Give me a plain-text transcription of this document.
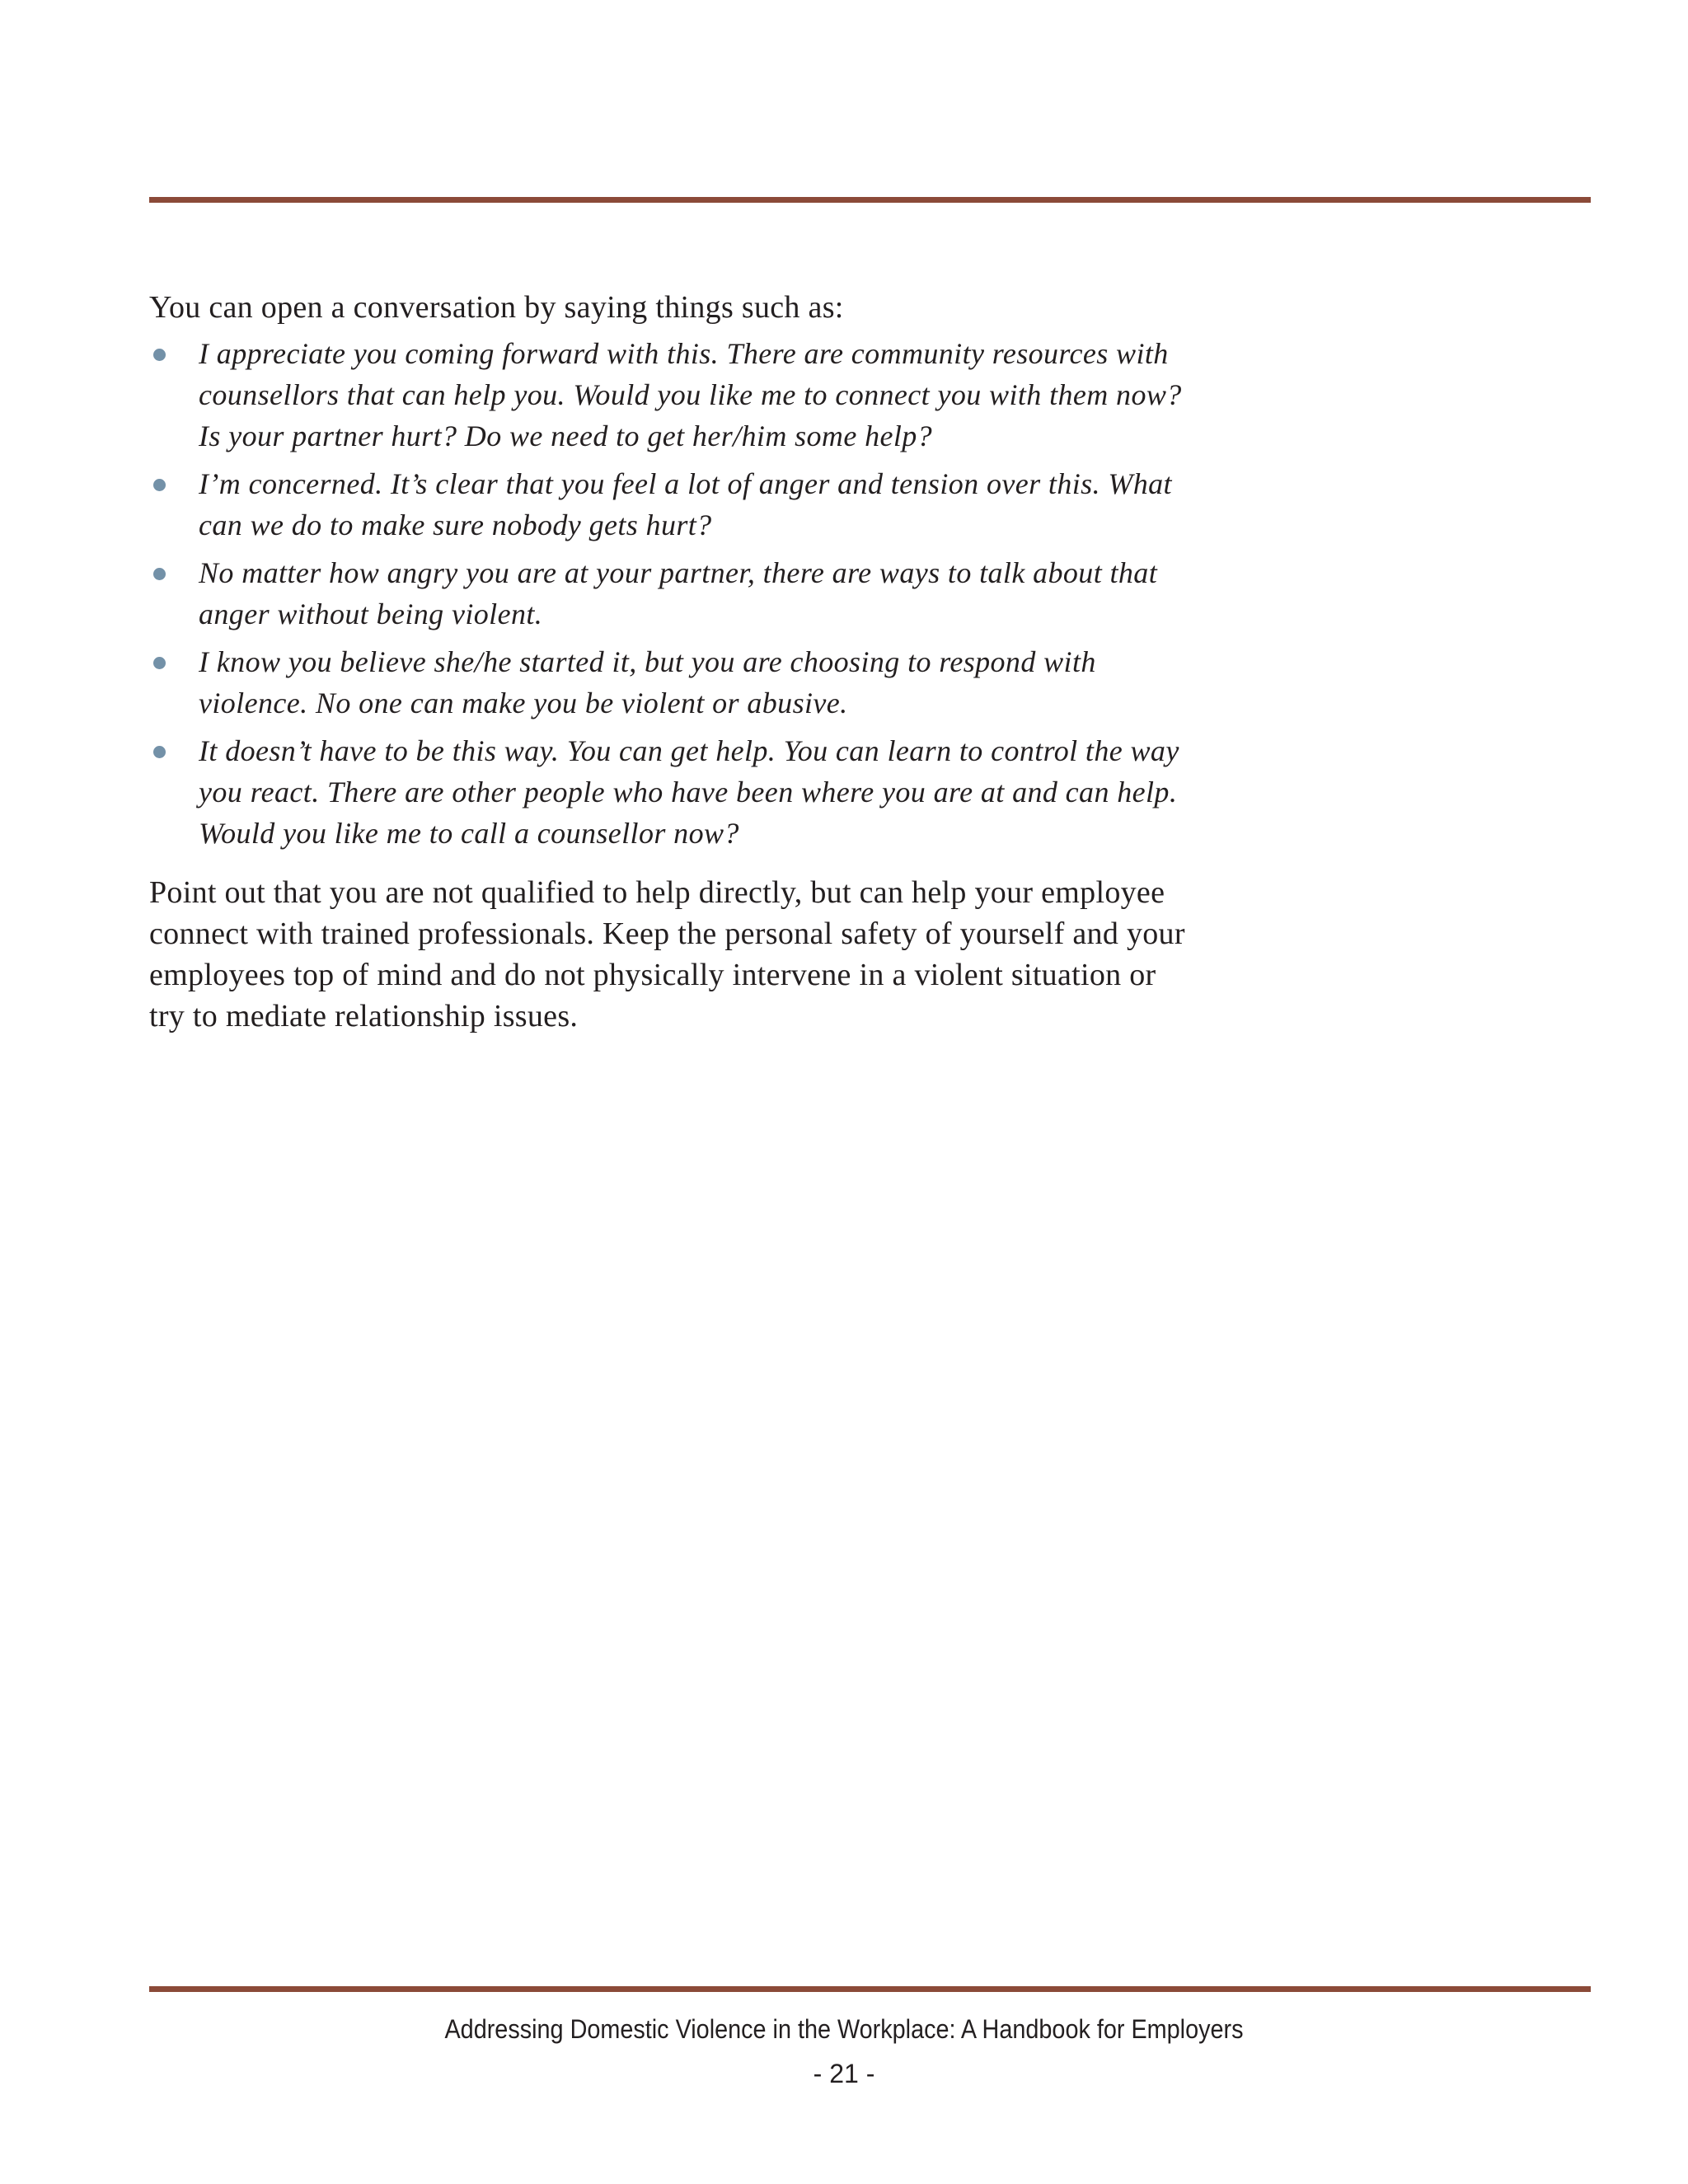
You can open a conversation by saying things such as:

I appreciate you coming forward with this. There are community resources with counsellors that can help you. Would you like me to connect you with them now? Is your partner hurt? Do we need to get her/him some help?
I’m concerned. It’s clear that you feel a lot of anger and tension over this. What can we do to make sure nobody gets hurt?
No matter how angry you are at your partner, there are ways to talk about that anger without being violent.
I know you believe she/he started it, but you are choosing to respond with violence. No one can make you be violent or abusive.
It doesn’t have to be this way. You can get help. You can learn to control the way you react. There are other people who have been where you are at and can help. Would you like me to call a counsellor now?

Point out that you are not qualified to help directly, but can help your employee connect with trained professionals. Keep the personal safety of yourself and your employees top of mind and do not physically intervene in a violent situation or try to mediate relationship issues.

Addressing Domestic Violence in the Workplace: A Handbook for Employers
- 21 -
